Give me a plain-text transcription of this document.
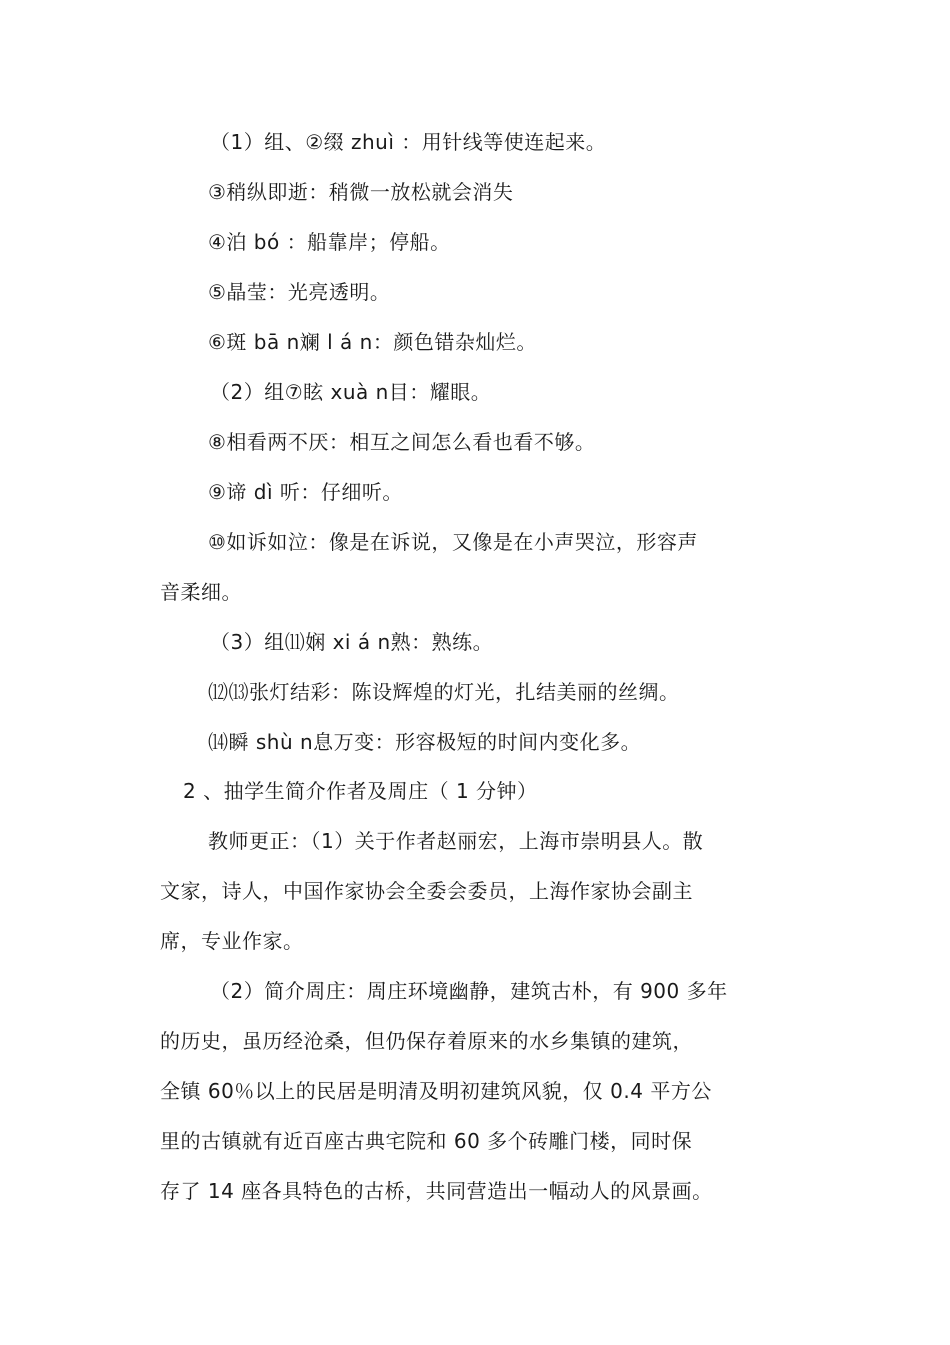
（1）组、②缀 zhuì ：用针线等使连起来。
③稍纵即逝：稍微一放松就会消失
④泊 bó ：船靠岸；停船。
⑤晶莹：光亮透明。
⑥斑 bā n斓 l á n：颜色错杂灿烂。
（2）组⑦眩 xuà n目：耀眼。
⑧相看两不厌：相互之间怎么看也看不够。
⑨谛 dì 听：仔细听。
⑩如诉如泣：像是在诉说，又像是在小声哭泣，形容声
音柔细。
（3）组⑾娴 xi á n熟：熟练。
⑿⒀张灯结彩：陈设辉煌的灯光，扎结美丽的丝绸。
⒁瞬 shù n息万变：形容极短的时间内变化多。
2 、抽学生简介作者及周庄（ 1 分钟）
教师更正：（1）关于作者赵丽宏，上海市崇明县人。散
文家，诗人，中国作家协会全委会委员，上海作家协会副主
席，专业作家。
（2）简介周庄：周庄环境幽静，建筑古朴，有 900 多年
的历史，虽历经沧桑，但仍保存着原来的水乡集镇的建筑，
全镇 60％以上的民居是明清及明初建筑风貌，仅 0.4 平方公
里的古镇就有近百座古典宅院和 60 多个砖雕门楼，同时保
存了 14 座各具特色的古桥，共同营造出一幅动人的风景画。
